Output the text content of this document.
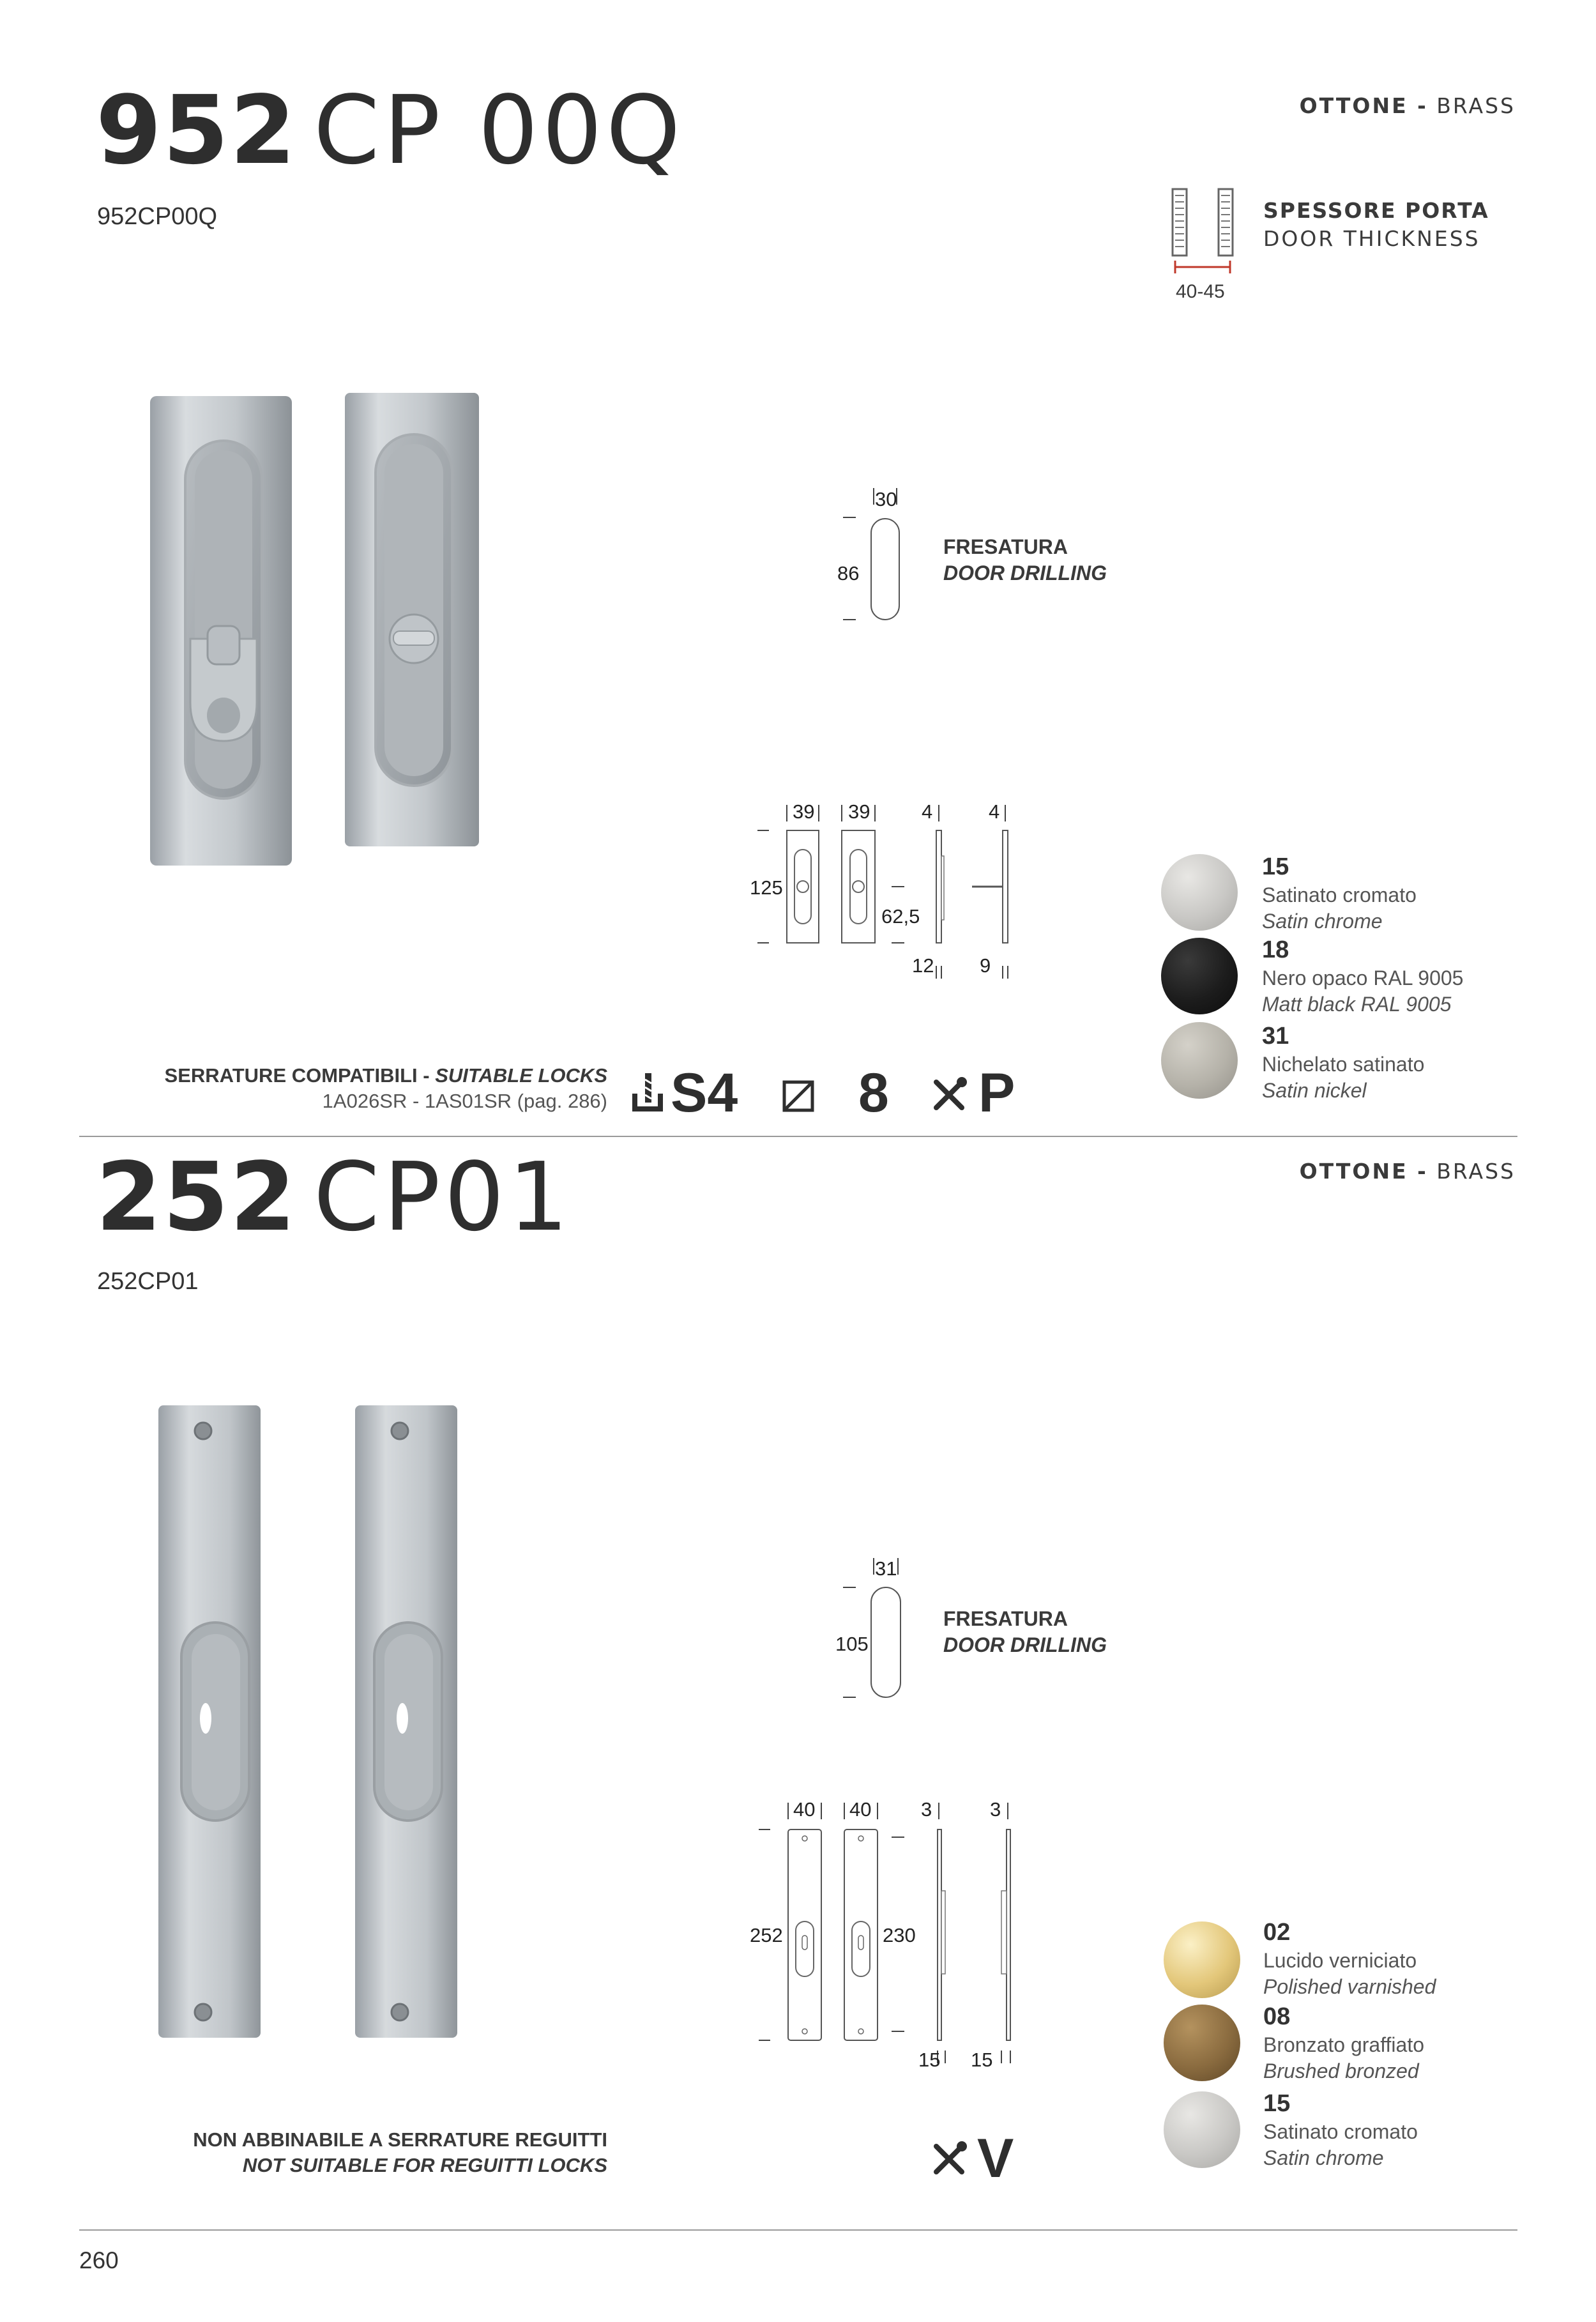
952 CP 00Q	OTTONE - BRASS
952CP00Q
40-45
SPESSORE PORTA
DOOR THICKNESS
30
86
FRESATURA
DOOR DRILLING
39 39	4	4
125
62,5
12 9
15
Satinato cromato
Satin chrome
18
Nero opaco RAL 9005
Matt black RAL 9005
31
Nichelato satinato
Satin nickel
SERRATURE COMPATIBILI - SUITABLE LOCKS
1A026SR - 1AS01SR (pag. 286) S4 8 P
252 CP01	OTTONE - BRASS
252CP01
31
105
FRESATURA
DOOR DRILLING
40 40	3	3
252	230
15 15
02
Lucido verniciato
Polished varnished
08
Bronzato graffiato
Brushed bronzed
15
Satinato cromato
Satin chrome
NON ABBINABILE A SERRATURE REGUITTI
NOT SUITABLE FOR REGUITTI LOCKS	V
260
